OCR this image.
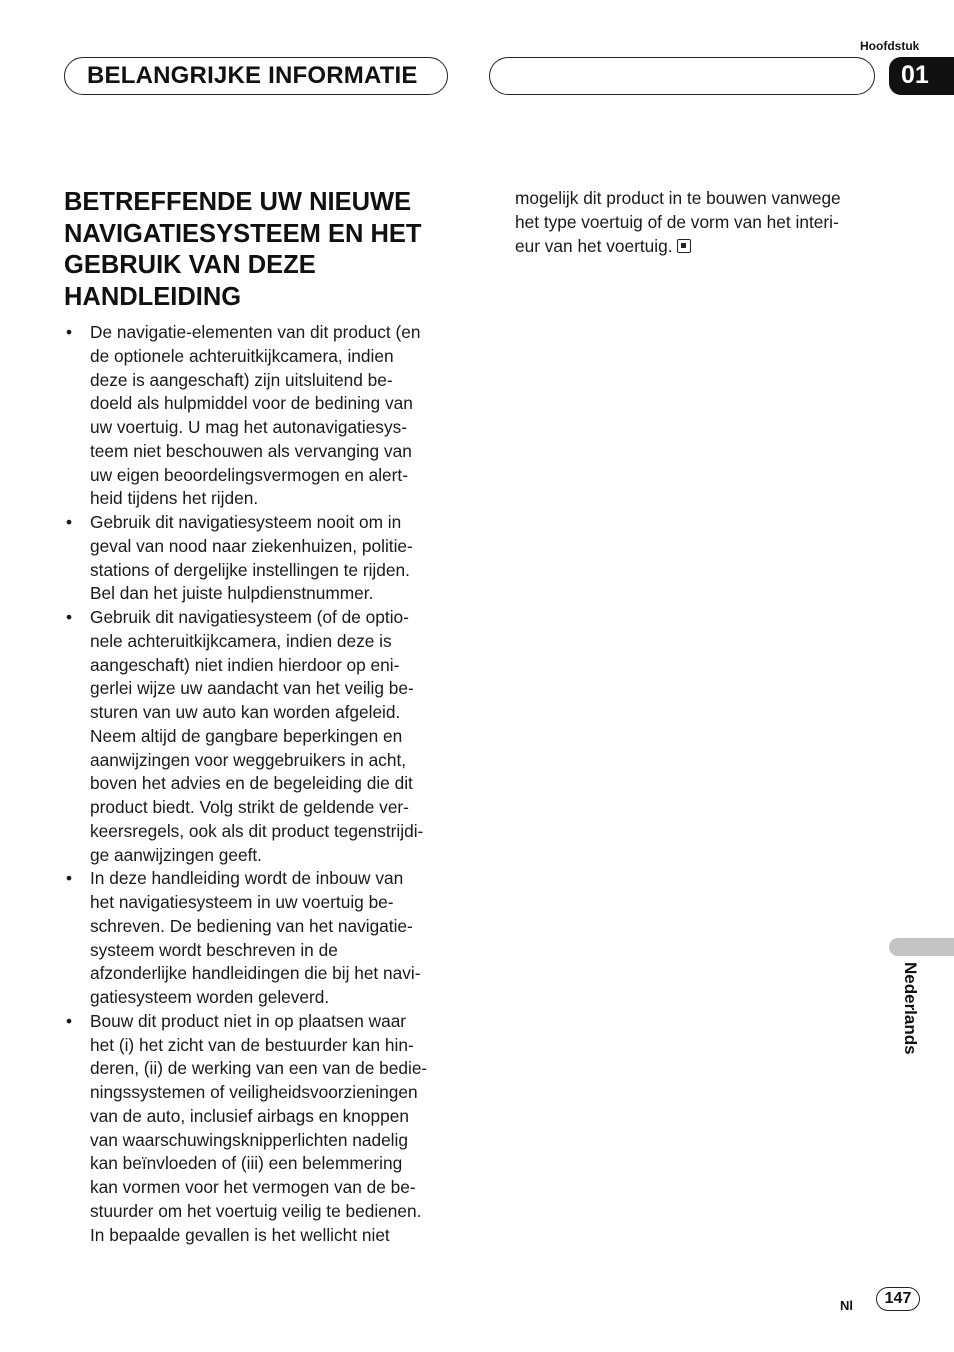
BELANGRIJKE INFORMATIE
Hoofdstuk
01
BETREFFENDE UW NIEUWE
NAVIGATIESYSTEEM EN HET
GEBRUIK VAN DEZE
HANDLEIDING
• De navigatie-elementen van dit product (en
de optionele achteruitkijkcamera, indien
deze is aangeschaft) zijn uitsluitend be-
doeld als hulpmiddel voor de bedining van
uw voertuig. U mag het autonavigatiesys-
teem niet beschouwen als vervanging van
uw eigen beoordelingsvermogen en alert-
heid tijdens het rijden.
• Gebruik dit navigatiesysteem nooit om in
geval van nood naar ziekenhuizen, politie-
stations of dergelijke instellingen te rijden.
Bel dan het juiste hulpdienstnummer.
• Gebruik dit navigatiesysteem (of de optio-
nele achteruitkijkcamera, indien deze is
aangeschaft) niet indien hierdoor op eni-
gerlei wijze uw aandacht van het veilig be-
sturen van uw auto kan worden afgeleid.
Neem altijd de gangbare beperkingen en
aanwijzingen voor weggebruikers in acht,
boven het advies en de begeleiding die dit
product biedt. Volg strikt de geldende ver-
keersregels, ook als dit product tegenstrijdi-
ge aanwijzingen geeft.
• In deze handleiding wordt de inbouw van
het navigatiesysteem in uw voertuig be-
schreven. De bediening van het navigatie-
systeem wordt beschreven in de
afzonderlijke handleidingen die bij het navi-
gatiesysteem worden geleverd.
• Bouw dit product niet in op plaatsen waar
het (i) het zicht van de bestuurder kan hin-
deren, (ii) de werking van een van de bedie-
ningssystemen of veiligheidsvoorzieningen
van de auto, inclusief airbags en knoppen
van waarschuwingsknipperlichten nadelig
kan beïnvloeden of (iii) een belemmering
kan vormen voor het vermogen van de be-
stuurder om het voertuig veilig te bedienen.
In bepaalde gevallen is het wellicht niet
mogelijk dit product in te bouwen vanwege
het type voertuig of de vorm van het interi-
eur van het voertuig.
Nederlands
Nl	147
